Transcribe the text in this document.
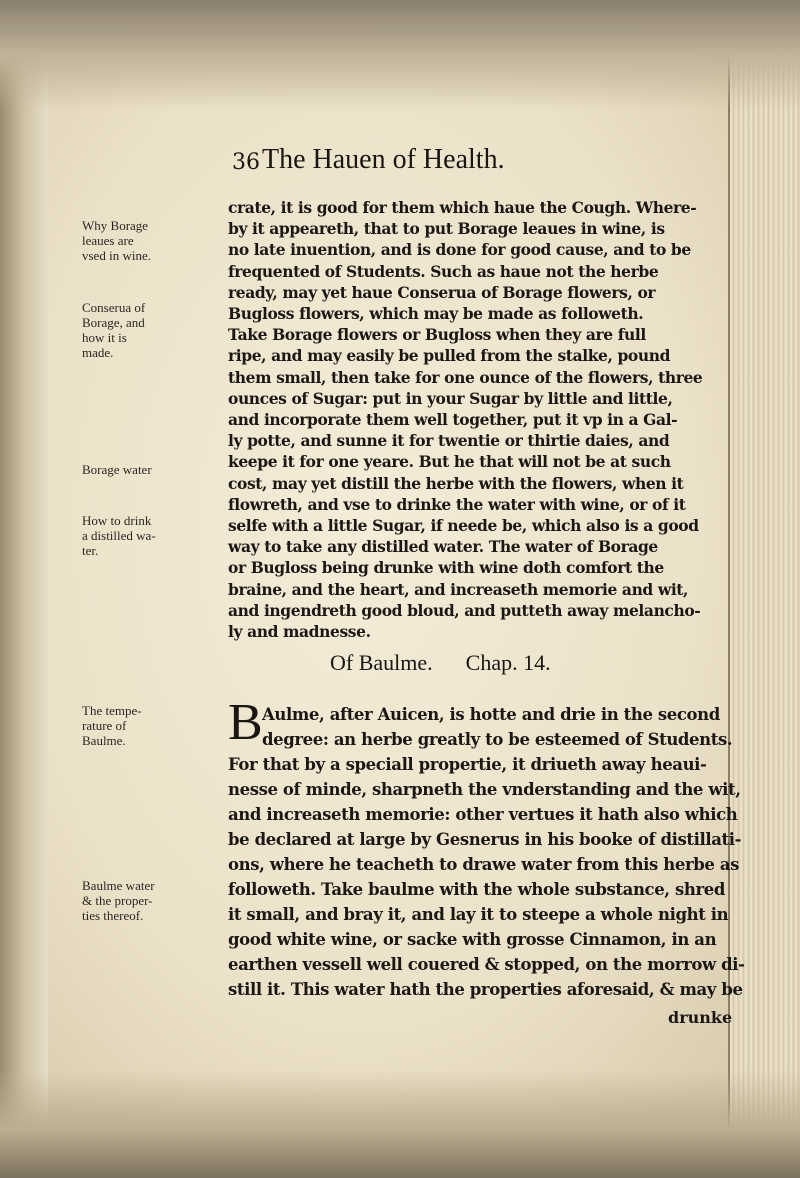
36 The Hauen of Health.
Why Borage
leaues are
vsed in wine.
Conserua of
Borage, and
how it is
made.
Borage water
How to drink
a distilled wa-
ter.
The tempe-
rature of
Baulme.
Baulme water
& the proper-
ties thereof.
crate, it is good for them which haue the Cough. Where-
by it appeareth, that to put Borage leaues in wine, is
no late inuention, and is done for good cause, and to be
frequented of Students. Such as haue not the herbe
ready, may yet haue Conserua of Borage flowers, or
Bugloss flowers, which may be made as followeth.
Take Borage flowers or Bugloss when they are full
ripe, and may easily be pulled from the stalke, pound
them small, then take for one ounce of the flowers, three
ounces of Sugar: put in your Sugar by little and little,
and incorporate them well together, put it vp in a Gal-
ly potte, and sunne it for twentie or thirtie daies, and
keepe it for one yeare. But he that will not be at such
cost, may yet distill the herbe with the flowers, when it
flowreth, and vse to drinke the water with wine, or of it
selfe with a little Sugar, if neede be, which also is a good
way to take any distilled water. The water of Borage
or Bugloss being drunke with wine doth comfort the
braine, and the heart, and increaseth memorie and wit,
and ingendreth good bloud, and putteth away melancho-
ly and madnesse.
Of Baulme. Chap. 14.
B Aulme, after Auicen, is hotte and drie in the second
degree: an herbe greatly to be esteemed of Students.
For that by a speciall propertie, it driueth away heaui-
nesse of minde, sharpneth the vnderstanding and the wit,
and increaseth memorie: other vertues it hath also which
be declared at large by Gesnerus in his booke of distillati-
ons, where he teacheth to drawe water from this herbe as
followeth. Take baulme with the whole substance, shred
it small, and bray it, and lay it to steepe a whole night in
good white wine, or sacke with grosse Cinnamon, in an
earthen vessell well couered & stopped, on the morrow di-
still it. This water hath the properties aforesaid, & may be
drunke
